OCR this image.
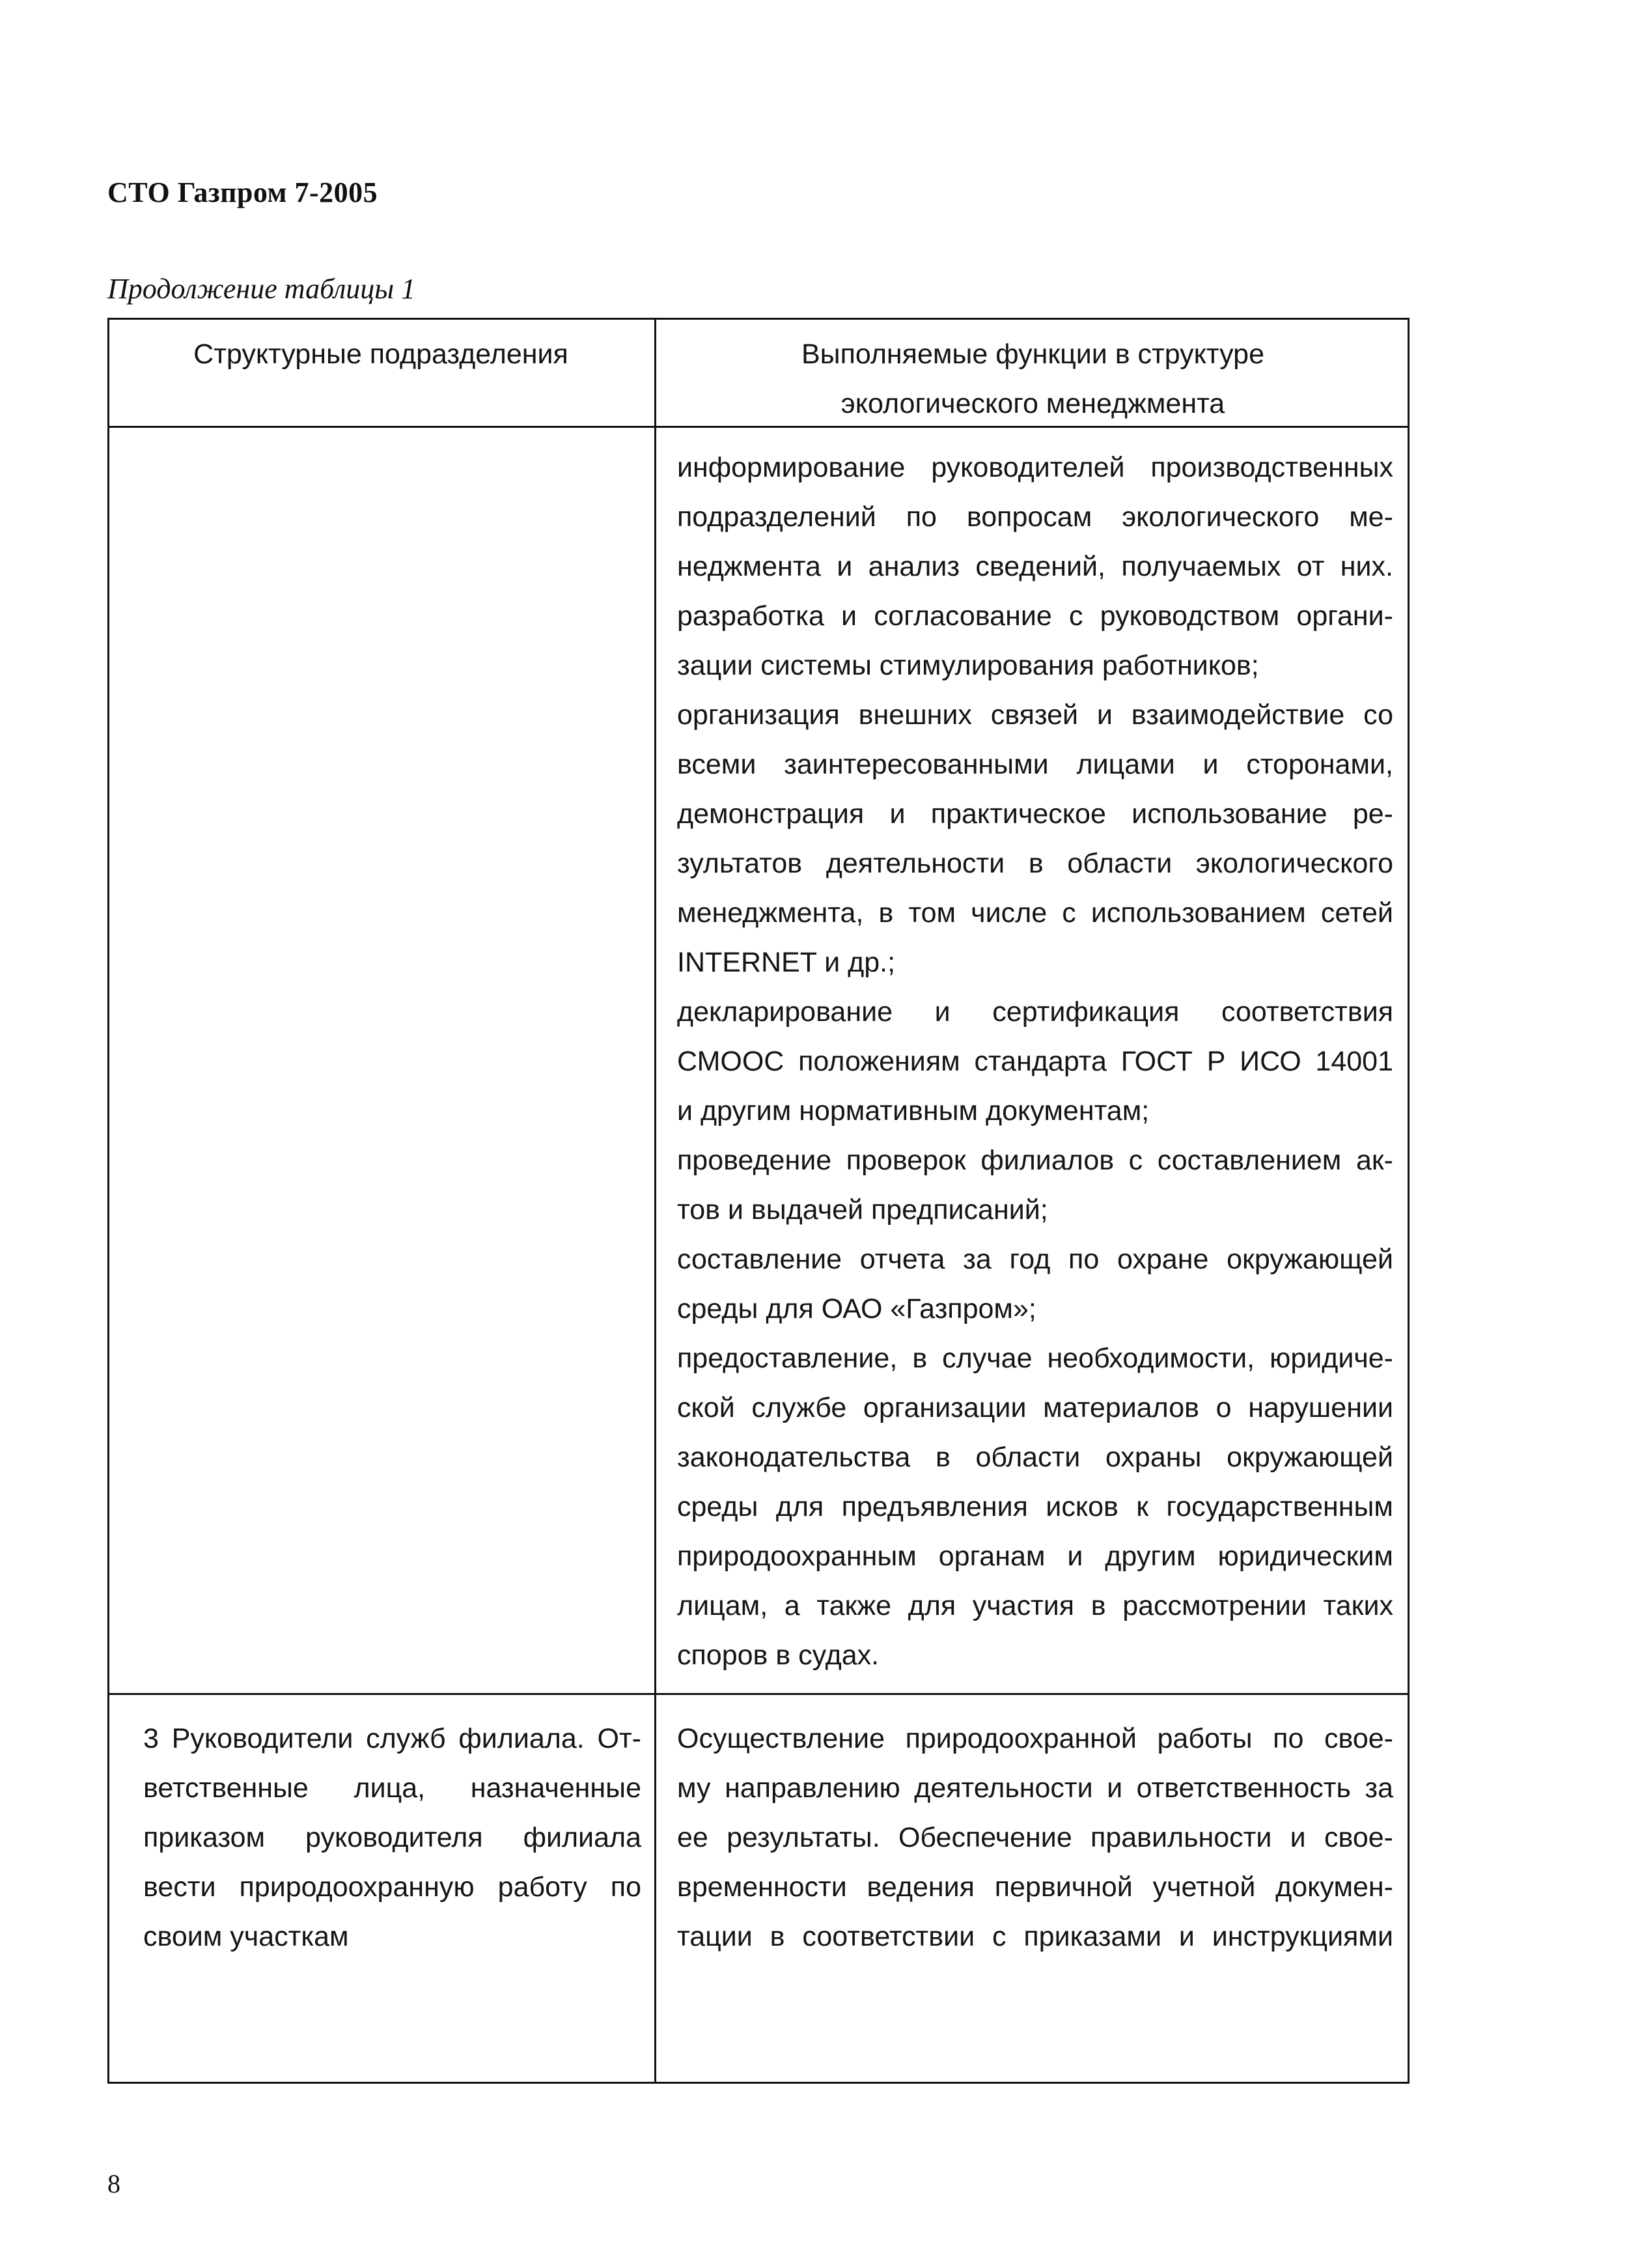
СТО Газпром 7-2005
Продолжение таблицы 1
Структурные подразделения	Выполняемые функции в структуре
экологического менеджмента
информирование руководителей производственных
подразделений по вопросам экологического ме-
неджмента и анализ сведений, получаемых от них.
разработка и согласование с руководством органи-
зации системы стимулирования работников;
организация внешних связей и взаимодействие со
всеми заинтересованными лицами и сторонами,
демонстрация и практическое использование ре-
зультатов деятельности в области экологического
менеджмента, в том числе с использованием сетей
INTERNET и др.;
декларирование и сертификация соответствия
СМООС положениям стандарта ГОСТ Р ИСО 14001
и другим нормативным документам;
проведение проверок филиалов с составлением ак-
тов и выдачей предписаний;
составление отчета за год по охране окружающей
среды для ОАО «Газпром»;
предоставление, в случае необходимости, юридиче-
ской службе организации материалов о нарушении
законодательства в области охраны окружающей
среды для предъявления исков к государственным
природоохранным органам и другим юридическим
лицам, а также для участия в рассмотрении таких
споров в судах.
3 Руководители служб филиала. От-
ветственные лица, назначенные
приказом руководителя филиала
вести природоохранную работу по
своим участкам
Осуществление природоохранной работы по свое-
му направлению деятельности и ответственность за
ее результаты. Обеспечение правильности и свое-
временности ведения первичной учетной докумен-
тации в соответствии с приказами и инструкциями
8
